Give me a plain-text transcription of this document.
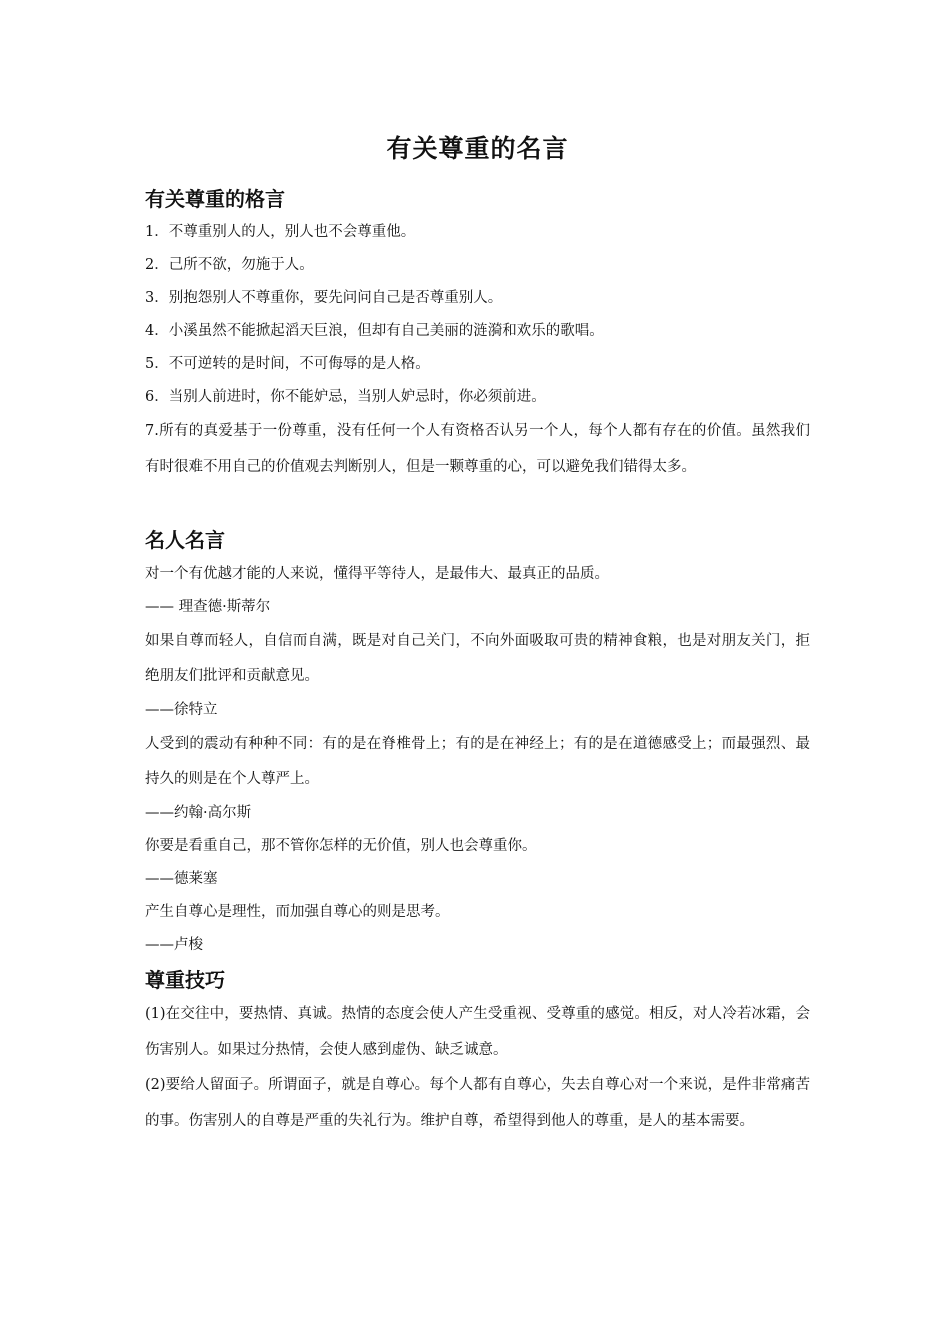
有关尊重的名言
有关尊重的格言

1．不尊重别人的人，别人也不会尊重他。

2．己所不欲，勿施于人。

3．别抱怨别人不尊重你，要先问问自己是否尊重别人。

4．小溪虽然不能掀起滔天巨浪，但却有自己美丽的涟漪和欢乐的歌唱。

5．不可逆转的是时间，不可侮辱的是人格。

6．当别人前进时，你不能妒忌，当别人妒忌时，你必须前进。

7.所有的真爱基于一份尊重，没有任何一个人有资格否认另一个人，每个人都有存在的价值。虽然我们有时很难不用自己的价值观去判断别人，但是一颗尊重的心，可以避免我们错得太多。

名人名言

对一个有优越才能的人来说，懂得平等待人，是最伟大、最真正的品质。

—— 理查德·斯蒂尔

如果自尊而轻人，自信而自满，既是对自己关门，不向外面吸取可贵的精神食粮，也是对朋友关门，拒绝朋友们批评和贡献意见。

——徐特立

人受到的震动有种种不同：有的是在脊椎骨上；有的是在神经上；有的是在道德感受上；而最强烈、最持久的则是在个人尊严上。

——约翰·高尔斯

你要是看重自己，那不管你怎样的无价值，别人也会尊重你。

——德莱塞

产生自尊心是理性，而加强自尊心的则是思考。

——卢梭

尊重技巧

(1)在交往中，要热情、真诚。热情的态度会使人产生受重视、受尊重的感觉。相反，对人冷若冰霜，会伤害别人。如果过分热情，会使人感到虚伪、缺乏诚意。

(2)要给人留面子。所谓面子，就是自尊心。每个人都有自尊心，失去自尊心对一个来说，是件非常痛苦的事。伤害别人的自尊是严重的失礼行为。维护自尊，希望得到他人的尊重，是人的基本需要。
